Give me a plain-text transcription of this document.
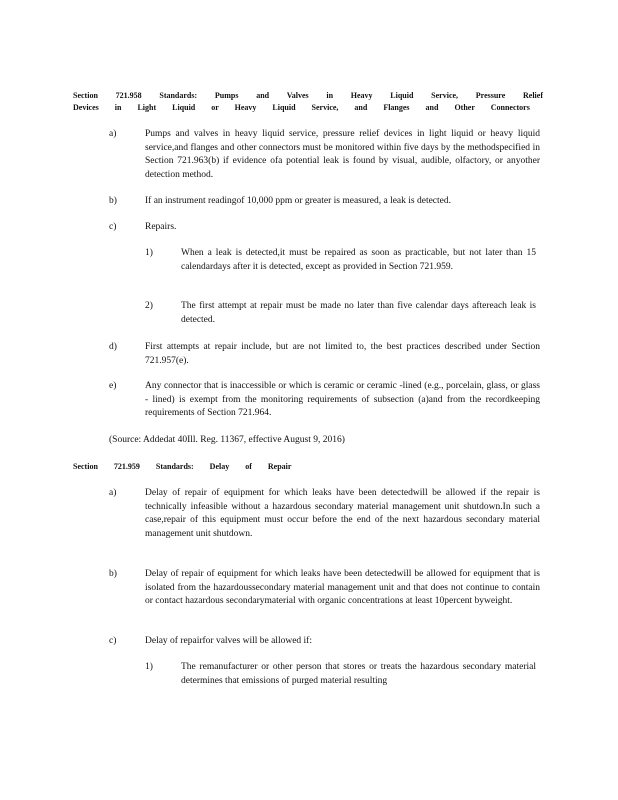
Section 721.958 Standards: Pumps and Valves in Heavy Liquid Service, Pressure Relief
Devices in Light Liquid or Heavy Liquid Service, and Flanges and Other Connectors
a)	Pumps and valves in heavy liquid service, pressure relief devices in light liquid or heavy liquid service,and flanges and other connectors must be monitored within five days by the methodspecified in Section 721.963(b) if evidence ofa potential leak is found by visual, audible, olfactory, or anyother detection method.
b)	If an instrument readingof 10,000 ppm or greater is measured, a leak is detected.
c)	Repairs.
1)	When a leak is detected,it must be repaired as soon as practicable, but not later than 15 calendardays after it is detected, except as provided in Section 721.959.
2)	The first attempt at repair must be made no later than five calendar days aftereach leak is detected.
d)	First attempts at repair include, but are not limited to, the best practices described under Section 721.957(e).
e)	Any connector that is inaccessible or which is ceramic or ceramic -lined (e.g., porcelain, glass, or glass - lined) is exempt from the monitoring requirements of subsection (a)and from the recordkeeping requirements of Section 721.964.
(Source: Addedat 40Ill. Reg. 11367, effective August 9, 2016)
Section 721.959 Standards: Delay of Repair
a)	Delay of repair of equipment for which leaks have been detectedwill be allowed if the repair is technically infeasible without a hazardous secondary material management unit shutdown.In such a case,repair of this equipment must occur before the end of the next hazardous secondary material management unit shutdown.
b)	Delay of repair of equipment for which leaks have been detectedwill be allowed for equipment that is isolated from the hazardoussecondary material management unit and that does not continue to contain or contact hazardous secondarymaterial with organic concentrations at least 10percent byweight.
c)	Delay of repairfor valves will be allowed if:
1)	The remanufacturer or other person that stores or treats the hazardous secondary material determines that emissions of purged material resulting
